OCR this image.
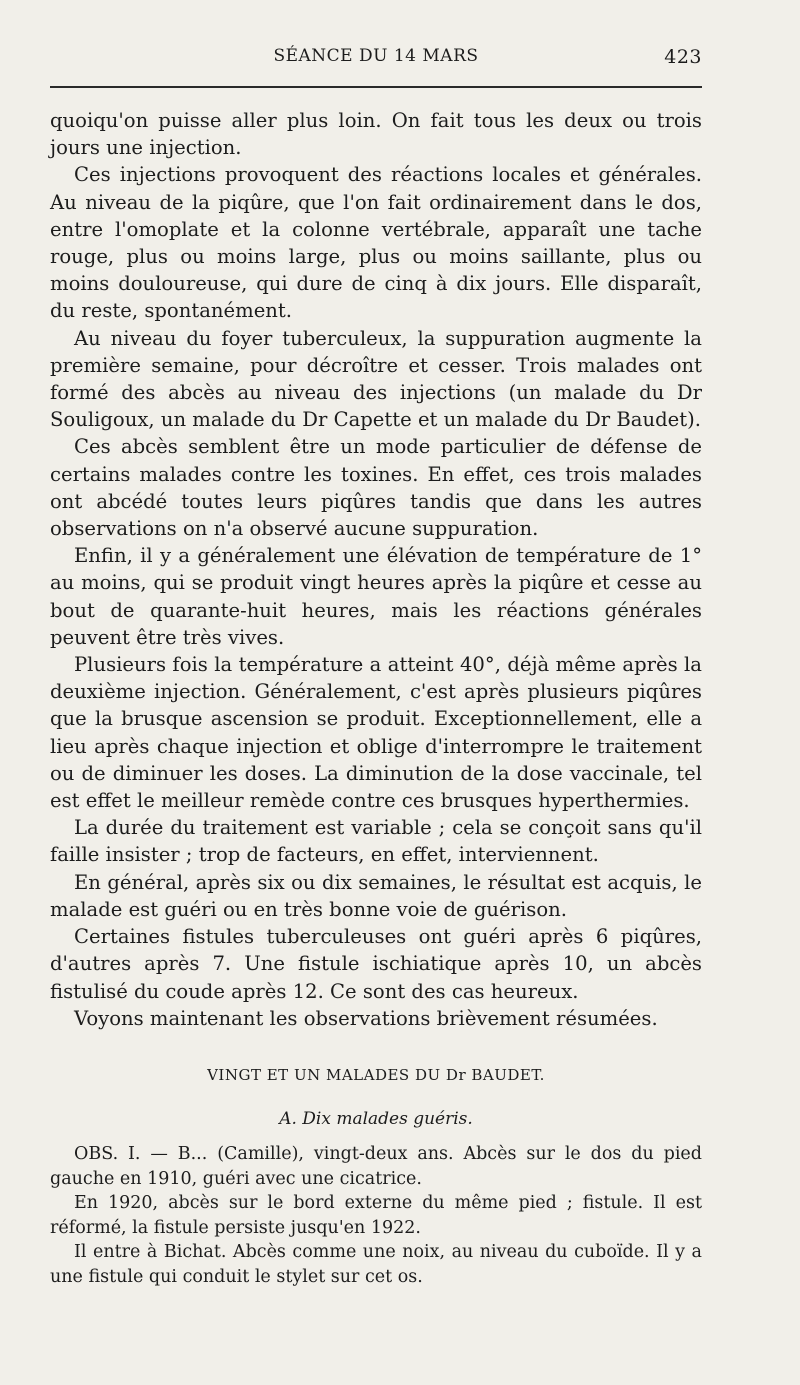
SÉANCE DU 14 MARS	423

quoiqu'on puisse aller plus loin. On fait tous les deux ou trois jours une injection.

Ces injections provoquent des réactions locales et générales. Au niveau de la piqûre, que l'on fait ordinairement dans le dos, entre l'omoplate et la colonne vertébrale, apparaît une tache rouge, plus ou moins large, plus ou moins saillante, plus ou moins douloureuse, qui dure de cinq à dix jours. Elle disparaît, du reste, spontanément.

Au niveau du foyer tuberculeux, la suppuration augmente la première semaine, pour décroître et cesser. Trois malades ont formé des abcès au niveau des injections (un malade du Dr Souligoux, un malade du Dr Capette et un malade du Dr Baudet).

Ces abcès semblent être un mode particulier de défense de certains malades contre les toxines. En effet, ces trois malades ont abcédé toutes leurs piqûres tandis que dans les autres observations on n'a observé aucune suppuration.

Enfin, il y a généralement une élévation de température de 1° au moins, qui se produit vingt heures après la piqûre et cesse au bout de quarante-huit heures, mais les réactions générales peuvent être très vives.

Plusieurs fois la température a atteint 40°, déjà même après la deuxième injection. Généralement, c'est après plusieurs piqûres que la brusque ascension se produit. Exceptionnellement, elle a lieu après chaque injection et oblige d'interrompre le traitement ou de diminuer les doses. La diminution de la dose vaccinale, tel est effet le meilleur remède contre ces brusques hyperthermies.

La durée du traitement est variable ; cela se conçoit sans qu'il faille insister ; trop de facteurs, en effet, interviennent.

En général, après six ou dix semaines, le résultat est acquis, le malade est guéri ou en très bonne voie de guérison.

Certaines fistules tuberculeuses ont guéri après 6 piqûres, d'autres après 7. Une fistule ischiatique après 10, un abcès fistulisé du coude après 12. Ce sont des cas heureux.

Voyons maintenant les observations brièvement résumées.

VINGT ET UN MALADES DU Dr BAUDET.
A. Dix malades guéris.

OBS. I. — B... (Camille), vingt-deux ans. Abcès sur le dos du pied gauche en 1910, guéri avec une cicatrice.

En 1920, abcès sur le bord externe du même pied ; fistule. Il est réformé, la fistule persiste jusqu'en 1922.

Il entre à Bichat. Abcès comme une noix, au niveau du cuboïde. Il y a une fistule qui conduit le stylet sur cet os.
